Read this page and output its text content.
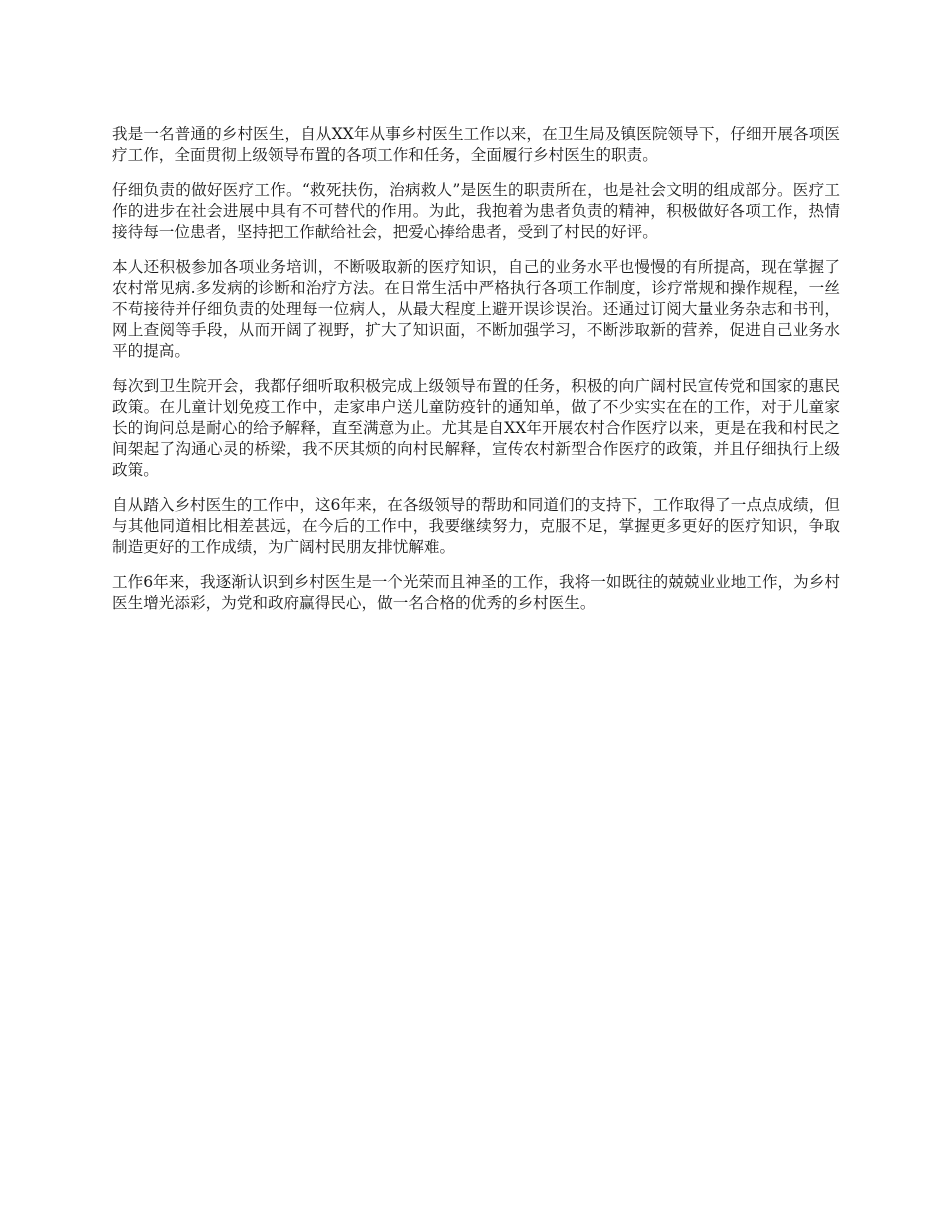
我是一名普通的乡村医生，自从XX年从事乡村医生工作以来，在卫生局及镇医院领导下，仔细开展各项医疗工作，全面贯彻上级领导布置的各项工作和任务，全面履行乡村医生的职责。

仔细负责的做好医疗工作。“救死扶伤，治病救人”是医生的职责所在，也是社会文明的组成部分。医疗工作的进步在社会进展中具有不可替代的作用。为此，我抱着为患者负责的精神，积极做好各项工作，热情接待每一位患者，坚持把工作献给社会，把爱心捧给患者，受到了村民的好评。

本人还积极参加各项业务培训，不断吸取新的医疗知识，自己的业务水平也慢慢的有所提高，现在掌握了农村常见病.多发病的诊断和治疗方法。在日常生活中严格执行各项工作制度，诊疗常规和操作规程，一丝不苟接待并仔细负责的处理每一位病人，从最大程度上避开误诊误治。还通过订阅大量业务杂志和书刊，网上查阅等手段，从而开阔了视野，扩大了知识面，不断加强学习，不断涉取新的营养，促进自己业务水平的提高。

每次到卫生院开会，我都仔细听取积极完成上级领导布置的任务，积极的向广阔村民宣传党和国家的惠民政策。在儿童计划免疫工作中，走家串户送儿童防疫针的通知单，做了不少实实在在的工作，对于儿童家长的询问总是耐心的给予解释，直至满意为止。尤其是自XX年开展农村合作医疗以来，更是在我和村民之间架起了沟通心灵的桥梁，我不厌其烦的向村民解释，宣传农村新型合作医疗的政策，并且仔细执行上级政策。

自从踏入乡村医生的工作中，这6年来，在各级领导的帮助和同道们的支持下，工作取得了一点点成绩，但与其他同道相比相差甚远，在今后的工作中，我要继续努力，克服不足，掌握更多更好的医疗知识，争取制造更好的工作成绩，为广阔村民朋友排忧解难。

工作6年来，我逐渐认识到乡村医生是一个光荣而且神圣的工作，我将一如既往的兢兢业业地工作，为乡村医生增光添彩，为党和政府赢得民心，做一名合格的优秀的乡村医生。
